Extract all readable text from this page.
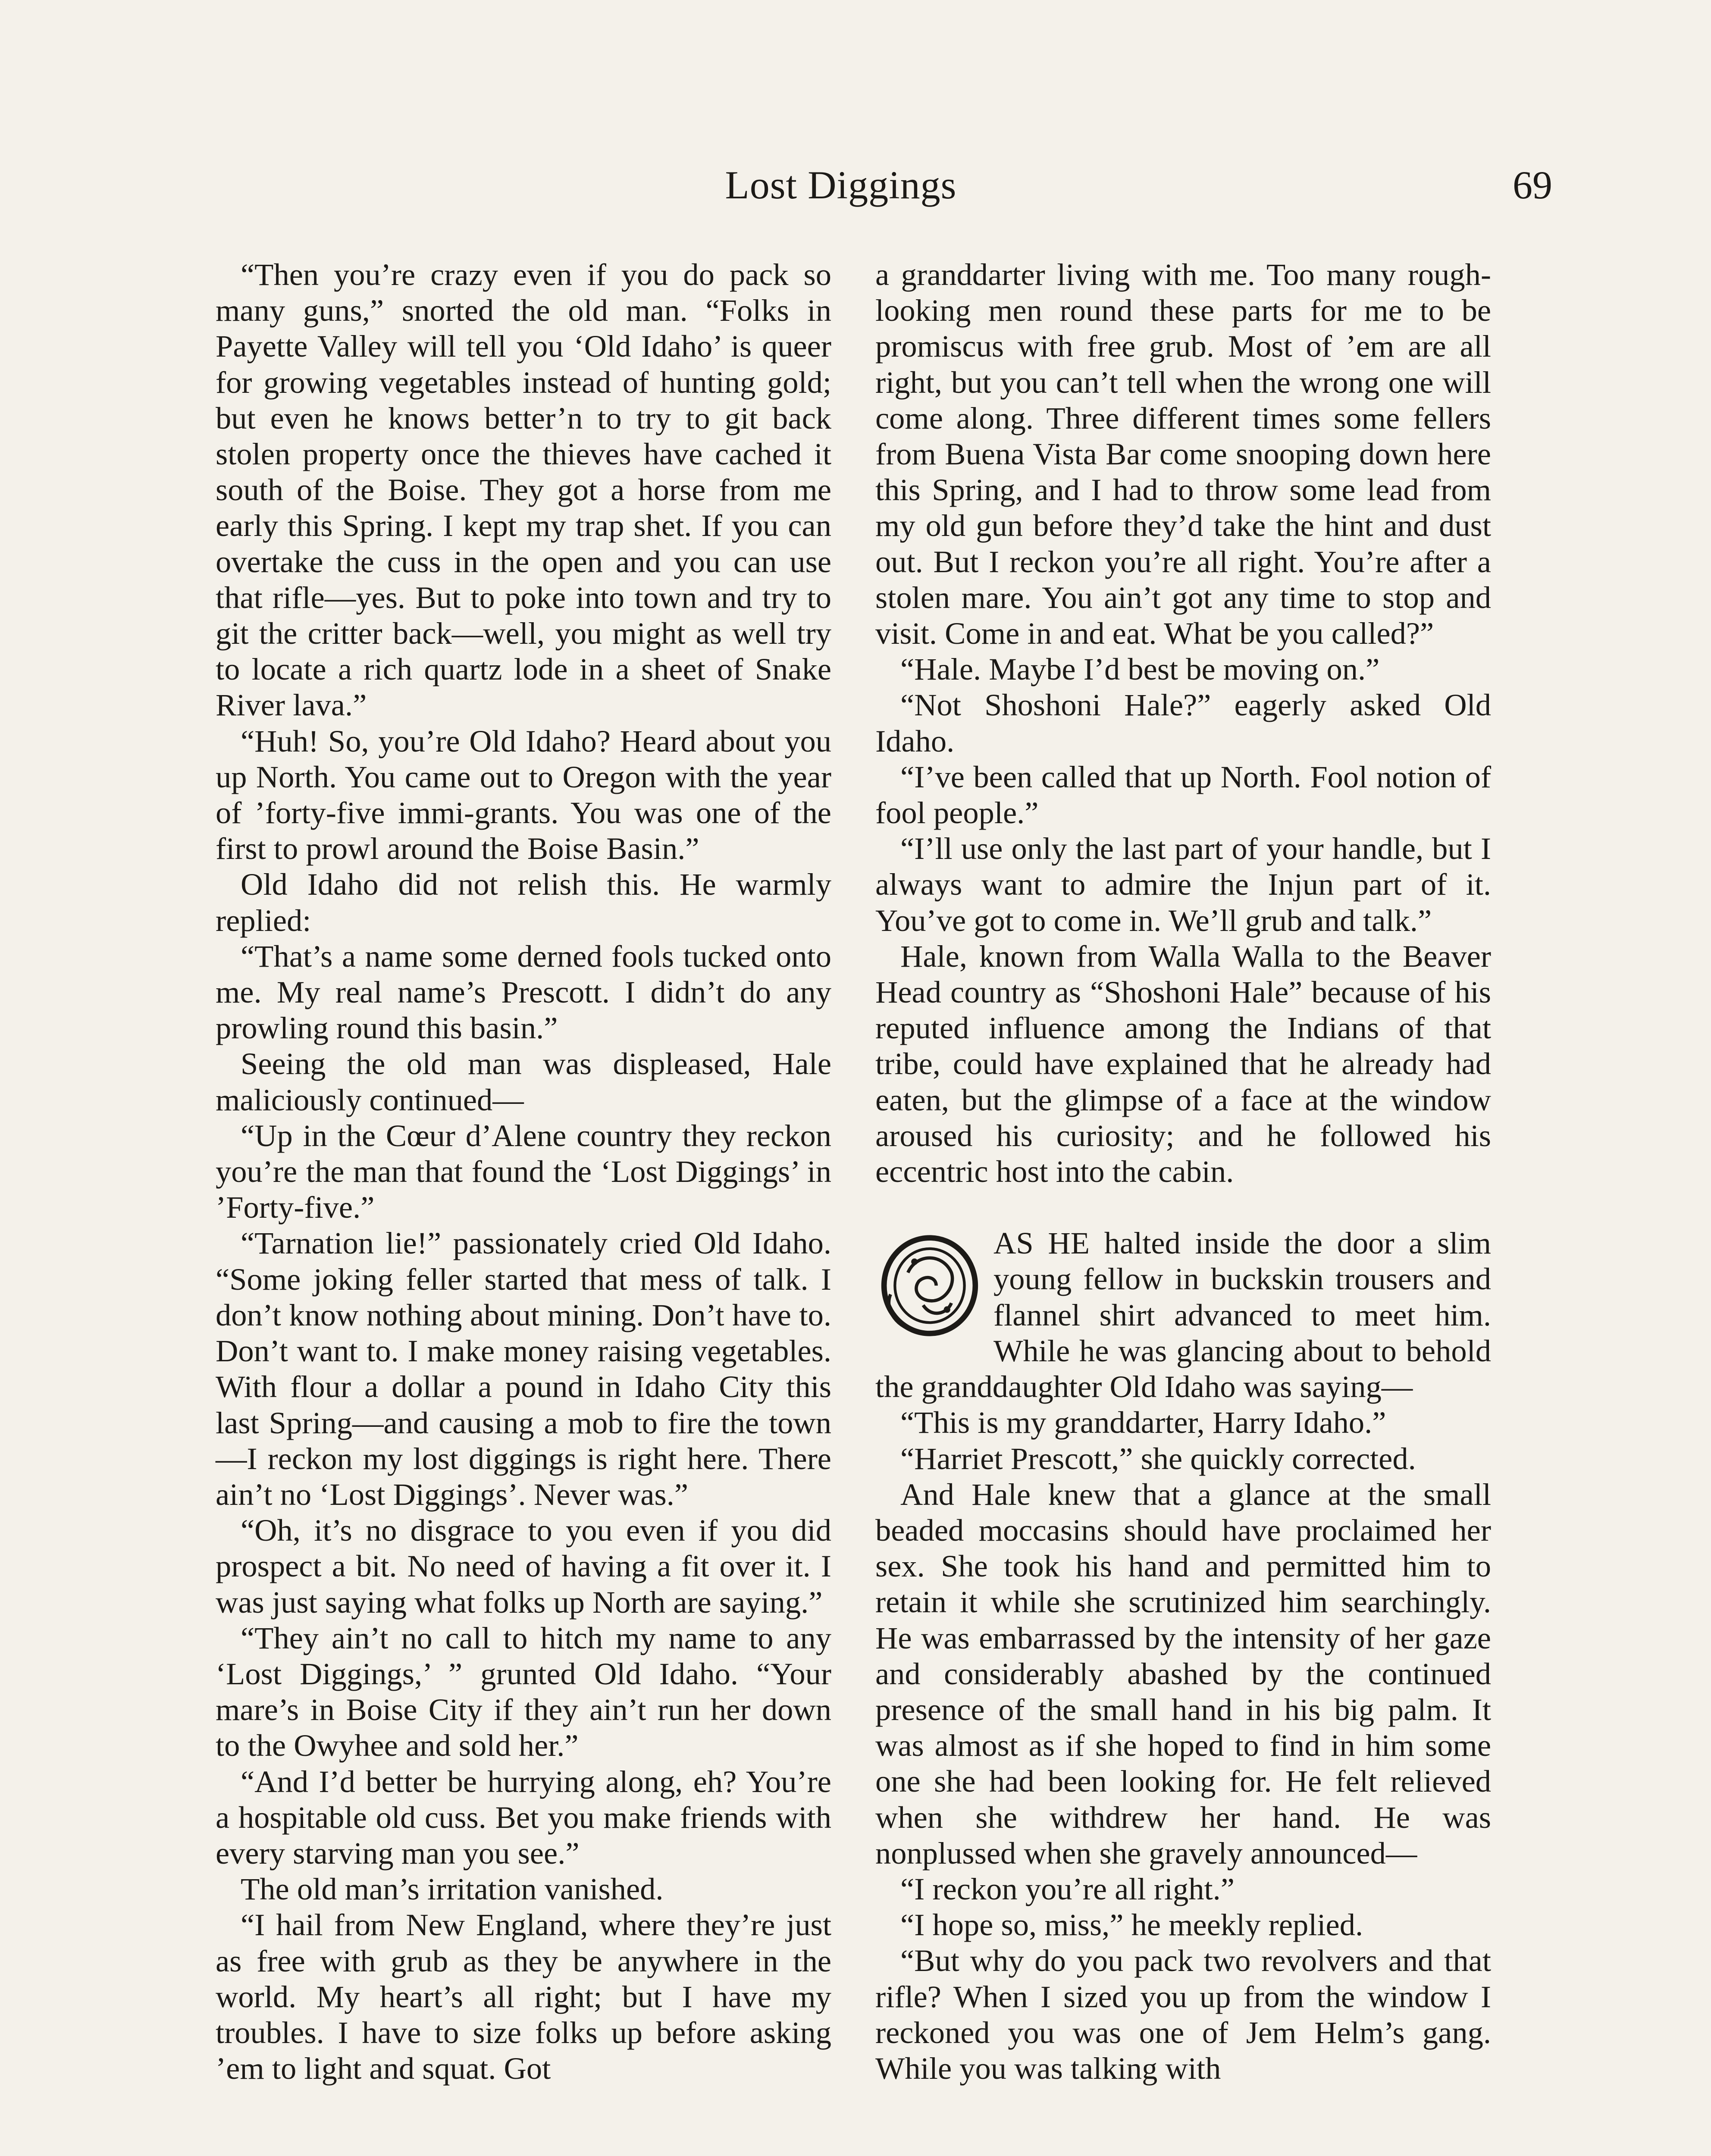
Lost Diggings	69

“Then you’re crazy even if you do pack so many guns,” snorted the old man. “Folks in Payette Valley will tell you ‘Old Idaho’ is queer for growing vegetables instead of hunting gold; but even he knows better’n to try to git back stolen property once the thieves have cached it south of the Boise. They got a horse from me early this Spring. I kept my trap shet. If you can overtake the cuss in the open and you can use that rifle—yes. But to poke into town and try to git the critter back—well, you might as well try to locate a rich quartz lode in a sheet of Snake River lava.”

“Huh! So, you’re Old Idaho? Heard about you up North. You came out to Oregon with the year of ’forty-five immi-grants. You was one of the first to prowl around the Boise Basin.”

Old Idaho did not relish this. He warmly replied:

“That’s a name some derned fools tucked onto me. My real name’s Prescott. I didn’t do any prowling round this basin.”

Seeing the old man was displeased, Hale maliciously continued—

“Up in the Cœur d’Alene country they reckon you’re the man that found the ‘Lost Diggings’ in ’Forty-five.”

“Tarnation lie!” passionately cried Old Idaho. “Some joking feller started that mess of talk. I don’t know nothing about mining. Don’t have to. Don’t want to. I make money raising vegetables. With flour a dollar a pound in Idaho City this last Spring—and causing a mob to fire the town—I reckon my lost diggings is right here. There ain’t no ‘Lost Diggings’. Never was.”

“Oh, it’s no disgrace to you even if you did prospect a bit. No need of having a fit over it. I was just saying what folks up North are saying.”

“They ain’t no call to hitch my name to any ‘Lost Diggings,’ ” grunted Old Idaho. “Your mare’s in Boise City if they ain’t run her down to the Owyhee and sold her.”

“And I’d better be hurrying along, eh? You’re a hospitable old cuss. Bet you make friends with every starving man you see.”

The old man’s irritation vanished.

“I hail from New England, where they’re just as free with grub as they be anywhere in the world. My heart’s all right; but I have my troubles. I have to size folks up before asking ’em to light and squat. Got

a granddarter living with me. Too many rough-looking men round these parts for me to be promiscus with free grub. Most of ’em are all right, but you can’t tell when the wrong one will come along. Three different times some fellers from Buena Vista Bar come snooping down here this Spring, and I had to throw some lead from my old gun before they’d take the hint and dust out. But I reckon you’re all right. You’re after a stolen mare. You ain’t got any time to stop and visit. Come in and eat. What be you called?”

“Hale. Maybe I’d best be moving on.”

“Not Shoshoni Hale?” eagerly asked Old Idaho.

“I’ve been called that up North. Fool notion of fool people.”

“I’ll use only the last part of your handle, but I always want to admire the Injun part of it. You’ve got to come in. We’ll grub and talk.”

Hale, known from Walla Walla to the Beaver Head country as “Shoshoni Hale” because of his reputed influence among the Indians of that tribe, could have explained that he already had eaten, but the glimpse of a face at the window aroused his curiosity; and he followed his eccentric host into the cabin.

AS HE halted inside the door a slim young fellow in buckskin trousers and flannel shirt advanced to meet him. While he was glancing about to behold the granddaughter Old Idaho was saying—

“This is my granddarter, Harry Idaho.”

“Harriet Prescott,” she quickly corrected.

And Hale knew that a glance at the small beaded moccasins should have proclaimed her sex. She took his hand and permitted him to retain it while she scrutinized him searchingly. He was embarrassed by the intensity of her gaze and considerably abashed by the continued presence of the small hand in his big palm. It was almost as if she hoped to find in him some one she had been looking for. He felt relieved when she withdrew her hand. He was nonplussed when she gravely announced—

“I reckon you’re all right.”

“I hope so, miss,” he meekly replied.

“But why do you pack two revolvers and that rifle? When I sized you up from the window I reckoned you was one of Jem Helm’s gang. While you was talking with
